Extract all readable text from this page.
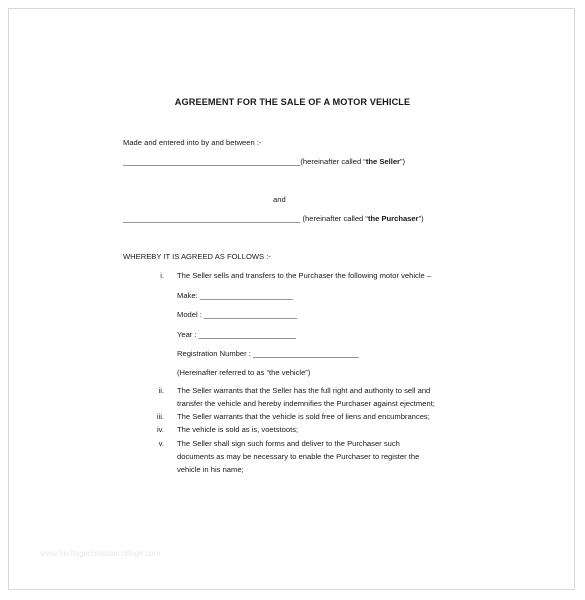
AGREEMENT FOR THE SALE OF A MOTOR VEHICLE
Made and entered into by and between :-
__________________________________________(hereinafter called “the Seller”)
and
__________________________________________ (hereinafter called “the Purchaser”)
WHEREBY IT IS AGREED AS FOLLOWS :-
i. The Seller sells and transfers to the Purchaser the following motor vehicle –
Make: ______________________
Model : ______________________
Year : _______________________
Registration Number : _________________________
(Hereinafter referred to as “the vehicle”)
ii. The Seller warrants that the Seller has the full right and authority to sell and
transfer the vehicle and hereby indemnifies the Purchaser against ejectment;
iii. The Seller warrants that the vehicle is sold free of liens and encumbrances;
iv. The vehicle is sold as is, voetstoots;
v. The Seller shall sign such forms and deliver to the Purchaser such
documents as may be necessary to enable the Purchaser to register the
vehicle in his name;
www.heritagechristiancollege.com
